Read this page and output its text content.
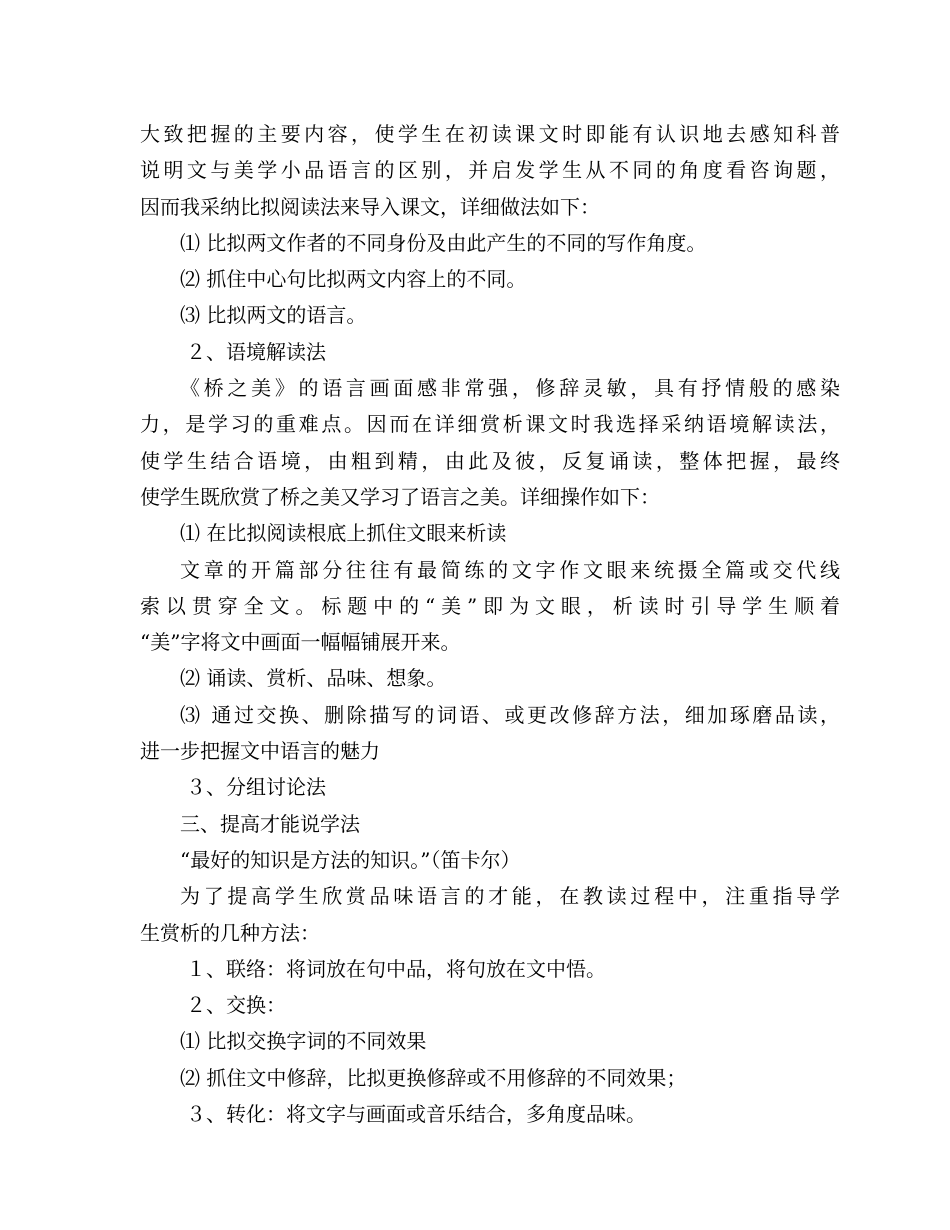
大致把握的主要内容，使学生在初读课文时即能有认识地去感知科普
说明文与美学小品语言的区别，并启发学生从不同的角度看咨询题，
因而我采纳比拟阅读法来导入课文，详细做法如下：
⑴ 比拟两文作者的不同身份及由此产生的不同的写作角度。
⑵ 抓住中心句比拟两文内容上的不同。
⑶ 比拟两文的语言。
２、语境解读法
《桥之美》的语言画面感非常强，修辞灵敏，具有抒情般的感染
力，是学习的重难点。因而在详细赏析课文时我选择采纳语境解读法，
使学生结合语境，由粗到精，由此及彼，反复诵读，整体把握，最终
使学生既欣赏了桥之美又学习了语言之美。详细操作如下：
⑴ 在比拟阅读根底上抓住文眼来析读
文章的开篇部分往往有最简练的文字作文眼来统摄全篇或交代线
索以贯穿全文。标题中的“美”即为文眼，析读时引导学生顺着
“美”字将文中画面一幅幅铺展开来。
⑵ 诵读、赏析、品味、想象。
⑶ 通过交换、删除描写的词语、或更改修辞方法，细加琢磨品读，
进一步把握文中语言的魅力
３、分组讨论法
三、提高才能说学法
“最好的知识是方法的知识。”（笛卡尔）
为了提高学生欣赏品味语言的才能，在教读过程中，注重指导学
生赏析的几种方法：
１、联络：将词放在句中品，将句放在文中悟。
２、交换：
⑴ 比拟交换字词的不同效果
⑵ 抓住文中修辞，比拟更换修辞或不用修辞的不同效果；
３、转化：将文字与画面或音乐结合，多角度品味。
